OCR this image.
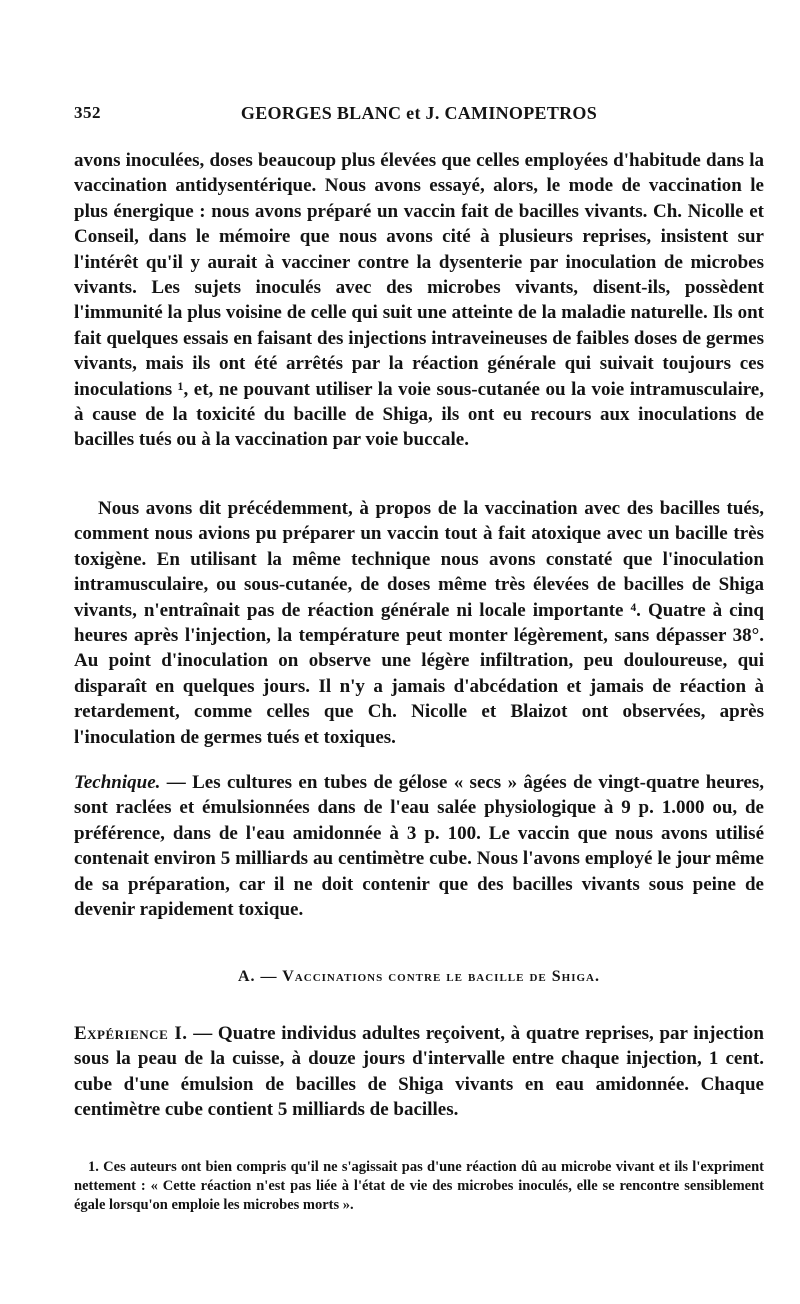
352	GEORGES BLANC et J. CAMINOPETROS

avons inoculées, doses beaucoup plus élevées que celles employées d'habitude dans la vaccination antidysentérique. Nous avons essayé, alors, le mode de vaccination le plus énergique : nous avons préparé un vaccin fait de bacilles vivants. Ch. Nicolle et Conseil, dans le mémoire que nous avons cité à plusieurs reprises, insistent sur l'intérêt qu'il y aurait à vacciner contre la dysenterie par inoculation de microbes vivants. Les sujets inoculés avec des microbes vivants, disent-ils, possèdent l'immunité la plus voisine de celle qui suit une atteinte de la maladie naturelle. Ils ont fait quelques essais en faisant des injections intraveineuses de faibles doses de germes vivants, mais ils ont été arrêtés par la réaction générale qui suivait toujours ces inoculations ¹, et, ne pouvant utiliser la voie sous-cutanée ou la voie intramusculaire, à cause de la toxicité du bacille de Shiga, ils ont eu recours aux inoculations de bacilles tués ou à la vaccination par voie buccale.

Nous avons dit précédemment, à propos de la vaccination avec des bacilles tués, comment nous avions pu préparer un vaccin tout à fait atoxique avec un bacille très toxigène. En utilisant la même technique nous avons constaté que l'inoculation intramusculaire, ou sous-cutanée, de doses même très élevées de bacilles de Shiga vivants, n'entraînait pas de réaction générale ni locale importante ⁴. Quatre à cinq heures après l'injection, la température peut monter légèrement, sans dépasser 38°. Au point d'inoculation on observe une légère infiltration, peu douloureuse, qui disparaît en quelques jours. Il n'y a jamais d'abcédation et jamais de réaction à retardement, comme celles que Ch. Nicolle et Blaizot ont observées, après l'inoculation de germes tués et toxiques.

Technique. — Les cultures en tubes de gélose « secs » âgées de vingt-quatre heures, sont raclées et émulsionnées dans de l'eau salée physiologique à 9 p. 1.000 ou, de préférence, dans de l'eau amidonnée à 3 p. 100. Le vaccin que nous avons utilisé contenait environ 5 milliards au centimètre cube. Nous l'avons employé le jour même de sa préparation, car il ne doit contenir que des bacilles vivants sous peine de devenir rapidement toxique.

A. — Vaccinations contre le bacille de Shiga.

Expérience I. — Quatre individus adultes reçoivent, à quatre reprises, par injection sous la peau de la cuisse, à douze jours d'intervalle entre chaque injection, 1 cent. cube d'une émulsion de bacilles de Shiga vivants en eau amidonnée. Chaque centimètre cube contient 5 milliards de bacilles.

1. Ces auteurs ont bien compris qu'il ne s'agissait pas d'une réaction dû au microbe vivant et ils l'expriment nettement : « Cette réaction n'est pas liée à l'état de vie des microbes inoculés, elle se rencontre sensiblement égale lorsqu'on emploie les microbes morts ».
